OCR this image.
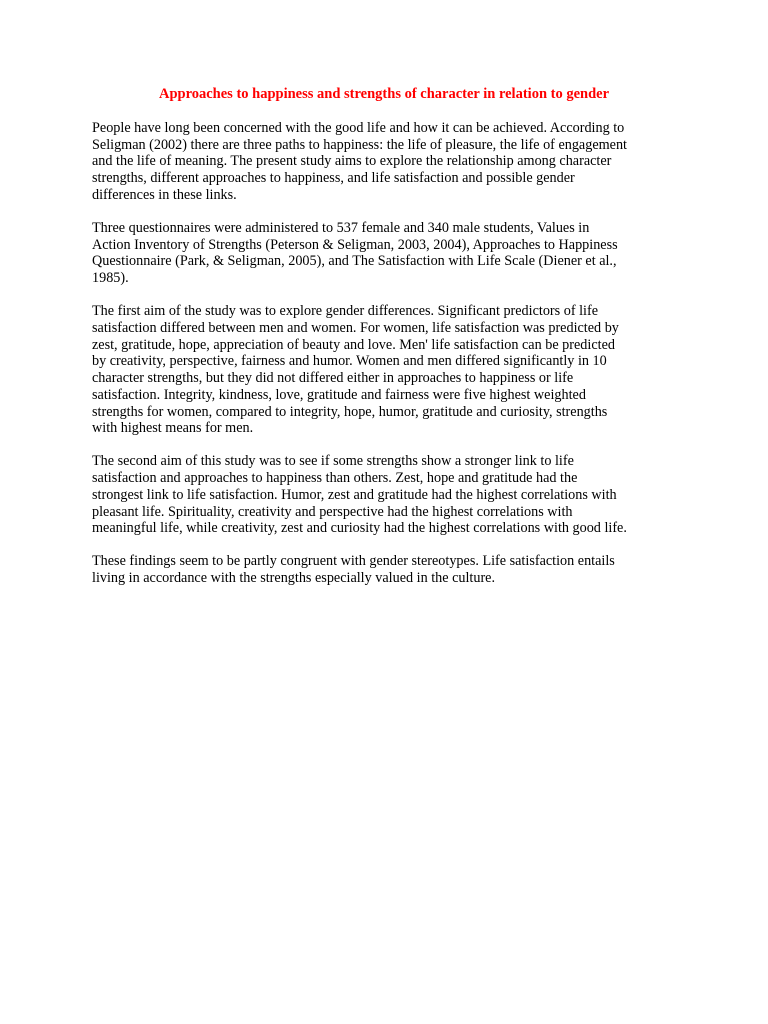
Approaches to happiness and strengths of character in relation to gender

People have long been concerned with the good life and how it can be achieved. According to
Seligman (2002) there are three paths to happiness: the life of pleasure, the life of engagement
and the life of meaning. The present study aims to explore the relationship among character
strengths, different approaches to happiness, and life satisfaction and possible gender
differences in these links.

Three questionnaires were administered to 537 female and 340 male students, Values in
Action Inventory of Strengths (Peterson & Seligman, 2003, 2004), Approaches to Happiness
Questionnaire (Park, & Seligman, 2005), and The Satisfaction with Life Scale (Diener et al.,
1985).

The first aim of the study was to explore gender differences. Significant predictors of life
satisfaction differed between men and women. For women, life satisfaction was predicted by
zest, gratitude, hope, appreciation of beauty and love. Men' life satisfaction can be predicted
by creativity, perspective, fairness and humor. Women and men differed significantly in 10
character strengths, but they did not differed either in approaches to happiness or life
satisfaction. Integrity, kindness, love, gratitude and fairness were five highest weighted
strengths for women, compared to integrity, hope, humor, gratitude and curiosity, strengths
with highest means for men.

The second aim of this study was to see if some strengths show a stronger link to life
satisfaction and approaches to happiness than others. Zest, hope and gratitude had the
strongest link to life satisfaction. Humor, zest and gratitude had the highest correlations with
pleasant life. Spirituality, creativity and perspective had the highest correlations with
meaningful life, while creativity, zest and curiosity had the highest correlations with good life.

These findings seem to be partly congruent with gender stereotypes. Life satisfaction entails
living in accordance with the strengths especially valued in the culture.
